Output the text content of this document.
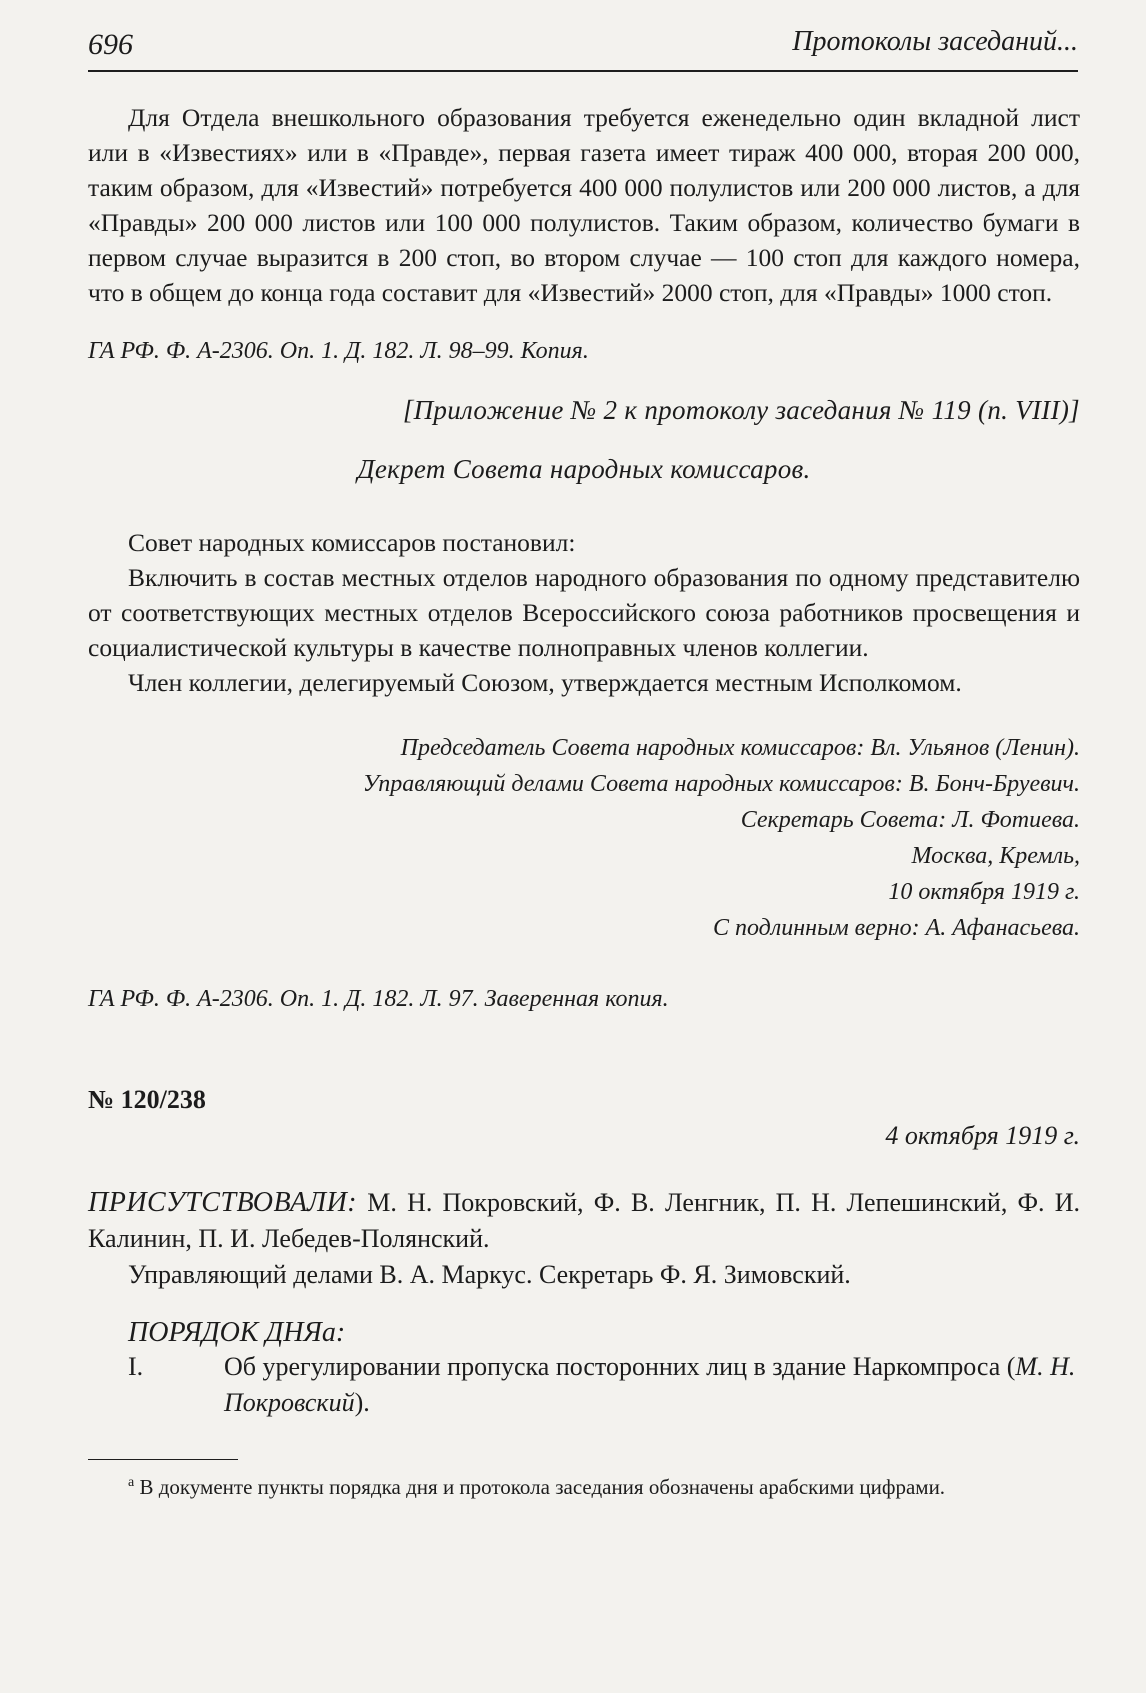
696	Протоколы заседаний...

Для Отдела внешкольного образования требуется еженедельно один вкладной лист или в «Известиях» или в «Правде», первая газета имеет тираж 400 000, вторая 200 000, таким образом, для «Известий» потребуется 400 000 полулистов или 200 000 листов, а для «Правды» 200 000 листов или 100 000 полулистов. Таким образом, количество бумаги в первом случае выразится в 200 стоп, во втором случае — 100 стоп для каждого номера, что в общем до конца года составит для «Известий» 2000 стоп, для «Правды» 1000 стоп.

ГА РФ. Ф. А-2306. Оп. 1. Д. 182. Л. 98–99. Копия.

[Приложение № 2 к протоколу заседания № 119 (п. VIII)]

Декрет Совета народных комиссаров.

Совет народных комиссаров постановил:

Включить в состав местных отделов народного образования по одному представителю от соответствующих местных отделов Всероссийского союза работников просвещения и социалистической культуры в качестве полноправных членов коллегии.

Член коллегии, делегируемый Союзом, утверждается местным Исполкомом.

Председатель Совета народных комиссаров: Вл. Ульянов (Ленин).

Управляющий делами Совета народных комиссаров: В. Бонч-Бруевич.

Секретарь Совета: Л. Фотиева.

Москва, Кремль,

10 октября 1919 г.

С подлинным верно: А. Афанасьева.

ГА РФ. Ф. А-2306. Оп. 1. Д. 182. Л. 97. Заверенная копия.

№ 120/238

4 октября 1919 г.

ПРИСУТСТВОВАЛИ: М. Н. Покровский, Ф. В. Ленгник, П. Н. Лепешинский, Ф. И. Калинин, П. И. Лебедев-Полянский.

Управляющий делами В. А. Маркус. Секретарь Ф. Я. Зимовский.

ПОРЯДОК ДНЯа:

I.	Об урегулировании пропуска посторонних лиц в здание Наркомпроса (М. Н. Покровский).

$^а$ В документе пункты порядка дня и протокола заседания обозначены арабскими цифрами.
